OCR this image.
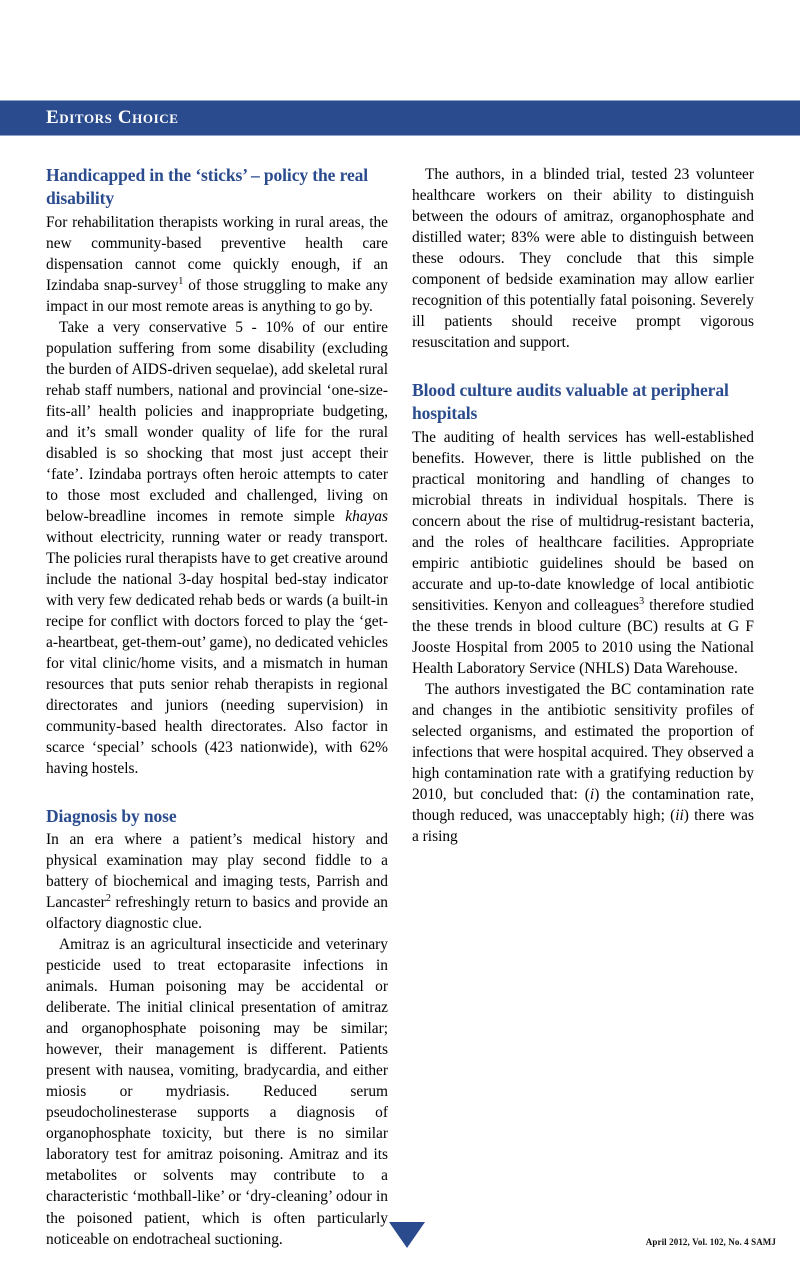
Editors Choice
Handicapped in the ‘sticks’ – policy the real disability

For rehabilitation therapists working in rural areas, the new community-based preventive health care dispensation cannot come quickly enough, if an Izindaba snap-survey$^1$ of those struggling to make any impact in our most remote areas is anything to go by.

Take a very conservative 5 - 10% of our entire population suffering from some disability (excluding the burden of AIDS-driven sequelae), add skeletal rural rehab staff numbers, national and provincial ‘one-size-fits-all’ health policies and inappropriate budgeting, and it’s small wonder quality of life for the rural disabled is so shocking that most just accept their ‘fate’. Izindaba portrays often heroic attempts to cater to those most excluded and challenged, living on below-breadline incomes in remote simple khayas without electricity, running water or ready transport. The policies rural therapists have to get creative around include the national 3-day hospital bed-stay indicator with very few dedicated rehab beds or wards (a built-in recipe for conflict with doctors forced to play the ‘get-a-heartbeat, get-them-out’ game), no dedicated vehicles for vital clinic/home visits, and a mismatch in human resources that puts senior rehab therapists in regional directorates and juniors (needing supervision) in community-based health directorates. Also factor in scarce ‘special’ schools (423 nationwide), with 62% having hostels.

Diagnosis by nose

In an era where a patient’s medical history and physical examination may play second fiddle to a battery of biochemical and imaging tests, Parrish and Lancaster$^2$ refreshingly return to basics and provide an olfactory diagnostic clue.

Amitraz is an agricultural insecticide and veterinary pesticide used to treat ectoparasite infections in animals. Human poisoning may be accidental or deliberate. The initial clinical presentation of amitraz and organophosphate poisoning may be similar; however, their management is different. Patients present with nausea, vomiting, bradycardia, and either miosis or mydriasis. Reduced serum pseudocholinesterase supports a diagnosis of organophosphate toxicity, but there is no similar laboratory test for amitraz poisoning. Amitraz and its metabolites or solvents may contribute to a characteristic ‘mothball-like’ or ‘dry-cleaning’ odour in the poisoned patient, which is often particularly noticeable on endotracheal suctioning.

The authors, in a blinded trial, tested 23 volunteer healthcare workers on their ability to distinguish between the odours of amitraz, organophosphate and distilled water; 83% were able to distinguish between these odours. They conclude that this simple component of bedside examination may allow earlier recognition of this potentially fatal poisoning. Severely ill patients should receive prompt vigorous resuscitation and support.

Blood culture audits valuable at peripheral hospitals

The auditing of health services has well-established benefits. However, there is little published on the practical monitoring and handling of changes to microbial threats in individual hospitals. There is concern about the rise of multidrug-resistant bacteria, and the roles of healthcare facilities. Appropriate empiric antibiotic guidelines should be based on accurate and up-to-date knowledge of local antibiotic sensitivities. Kenyon and colleagues$^3$ therefore studied the these trends in blood culture (BC) results at G F Jooste Hospital from 2005 to 2010 using the National Health Laboratory Service (NHLS) Data Warehouse.

The authors investigated the BC contamination rate and changes in the antibiotic sensitivity profiles of selected organisms, and estimated the proportion of infections that were hospital acquired. They observed a high contamination rate with a gratifying reduction by 2010, but concluded that: (i) the contamination rate, though reduced, was unacceptably high; (ii) there was a rising

April 2012, Vol. 102, No. 4 SAMJ
